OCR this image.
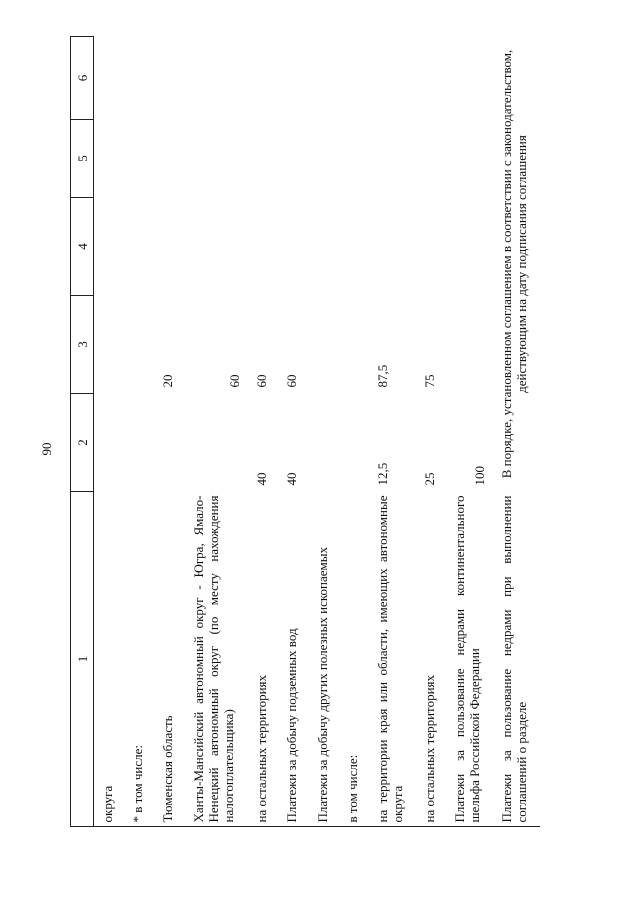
90
1	2	3	4	5	6
округа					
* в том числе:					
Тюменская область		20			
Ханты-Мансийский автономный округ - Югра, Ямало-Ненецкий автономный округ (по месту нахождения налогоплательщика)		60			
на остальных территориях	40	60			
Платежи за добычу подземных вод	40	60			
Платежи за добычу других полезных ископаемых					
в том числе:					
на территории края или области, имеющих автономные округа	12,5	87,5			
на остальных территориях	25	75			
Платежи за пользование недрами континентального шельфа Российской Федерации	100				
Платежи за пользование недрами при выполнении соглашений о разделе	В порядке, установленном соглашением в соответствии с законодательством, действующим на дату подписания соглашения				
